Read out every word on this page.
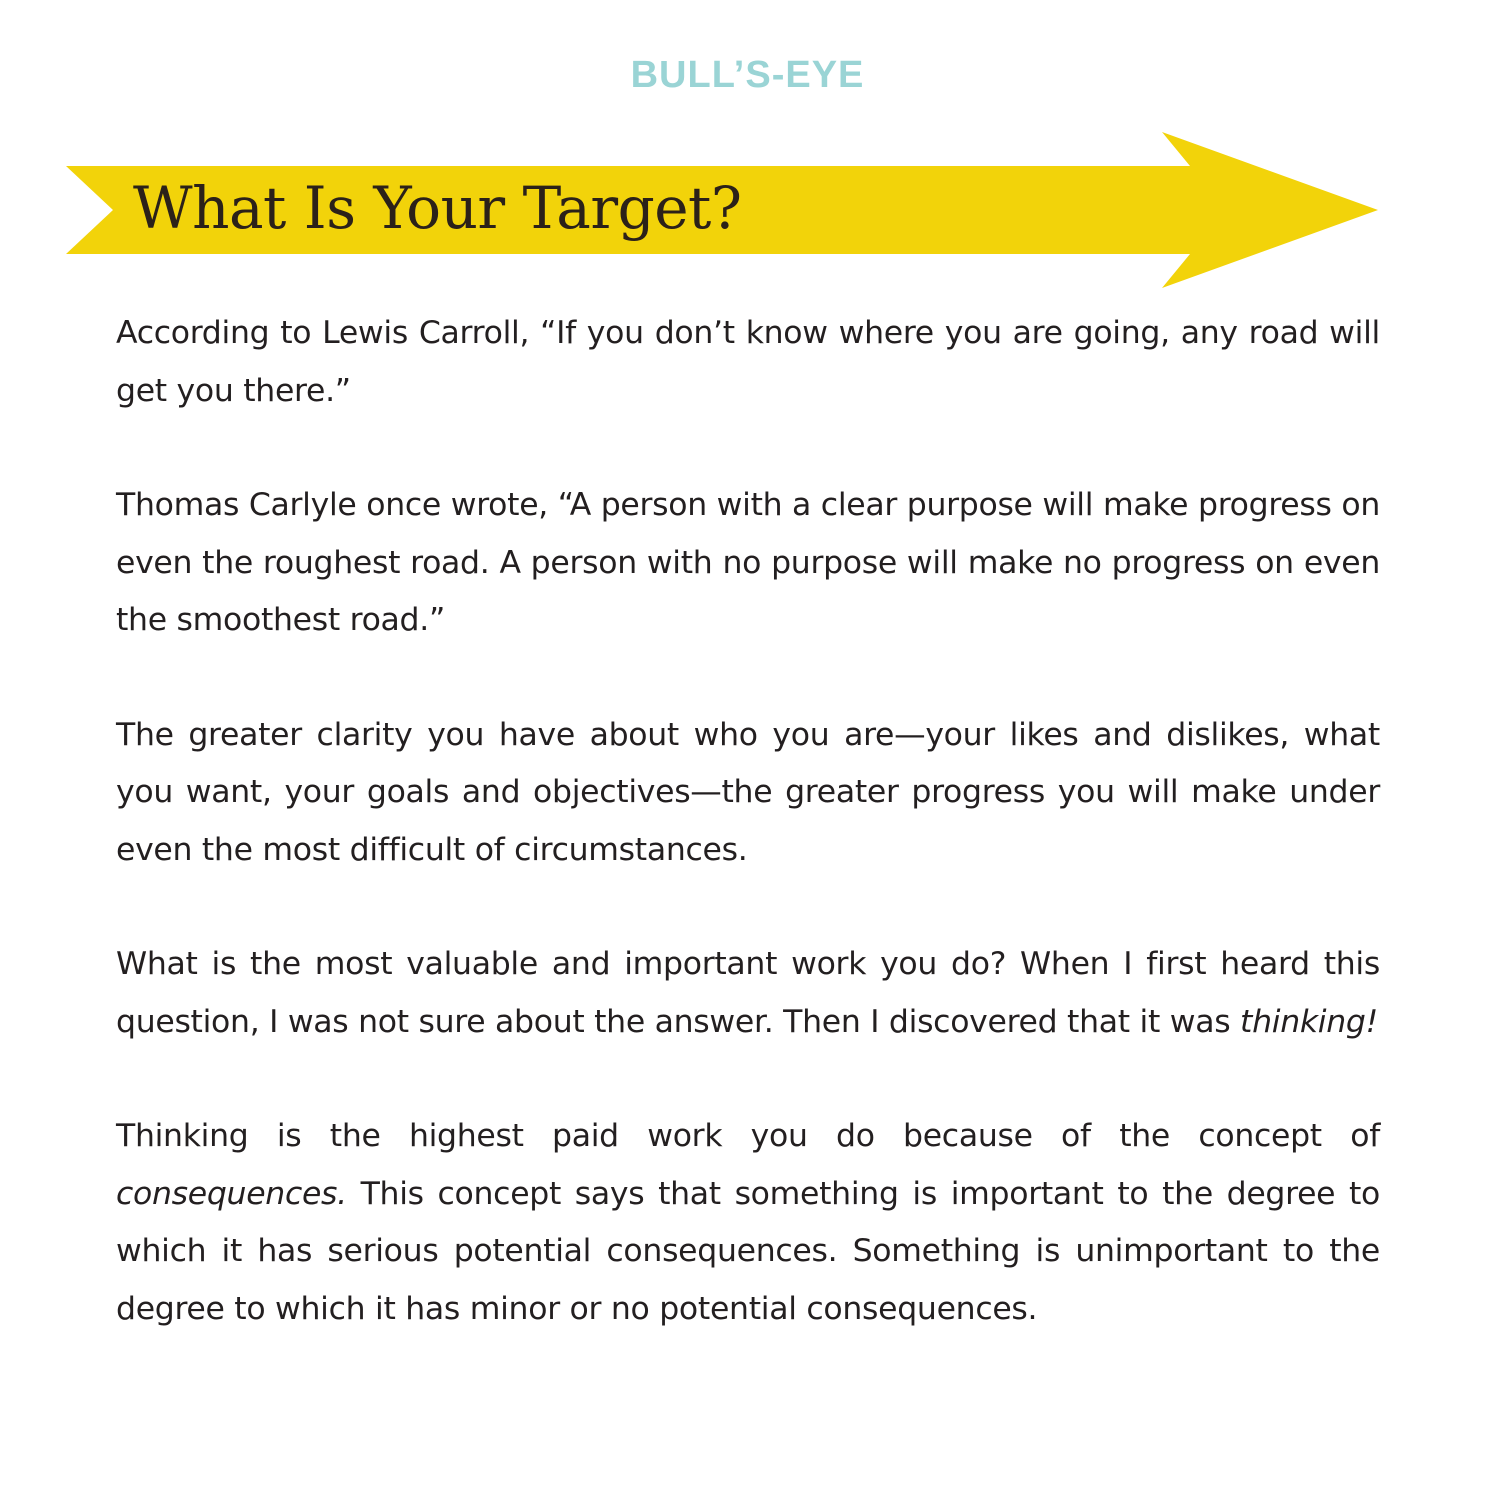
BULL’S-EYE
What Is Your Target?

According to Lewis Carroll, “If you don’t know where you are going, any road will get you there.”

Thomas Carlyle once wrote, “A person with a clear purpose will make progress on even the roughest road. A person with no purpose will make no progress on even the smoothest road.”

The greater clarity you have about who you are—your likes and dislikes, what you want, your goals and objectives—the greater progress you will make under even the most difficult of circumstances.

What is the most valuable and important work you do? When I first heard this question, I was not sure about the answer. Then I discovered that it was thinking!

Thinking is the highest paid work you do because of the concept of consequences. This concept says that something is important to the degree to which it has serious potential consequences. Something is unimportant to the degree to which it has minor or no potential consequences.
